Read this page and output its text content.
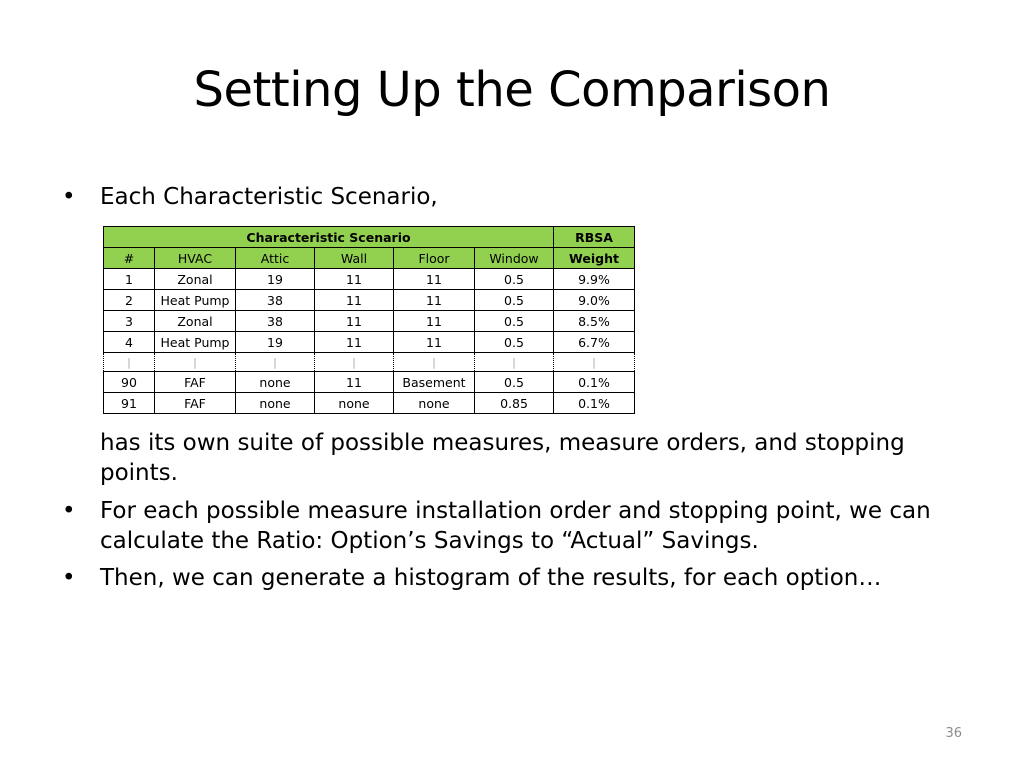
Setting Up the Comparison
•	Each Characteristic Scenario,
Characteristic Scenario						RBSA
#	HVAC	Attic	Wall	Floor	Window	Weight
1	Zonal	19	11	11	0.5	9.9%
2	Heat Pump	38	11	11	0.5	9.0%
3	Zonal	38	11	11	0.5	8.5%
4	Heat Pump	19	11	11	0.5	6.7%
|	|	|	|	|	|	|
90	FAF	none	11	Basement	0.5	0.1%
91	FAF	none	none	none	0.85	0.1%
has its own suite of possible measures, measure orders, and stopping points.
•	For each possible measure installation order and stopping point, we can calculate the Ratio: Option’s Savings to “Actual” Savings.
•	Then, we can generate a histogram of the results, for each option…
36
